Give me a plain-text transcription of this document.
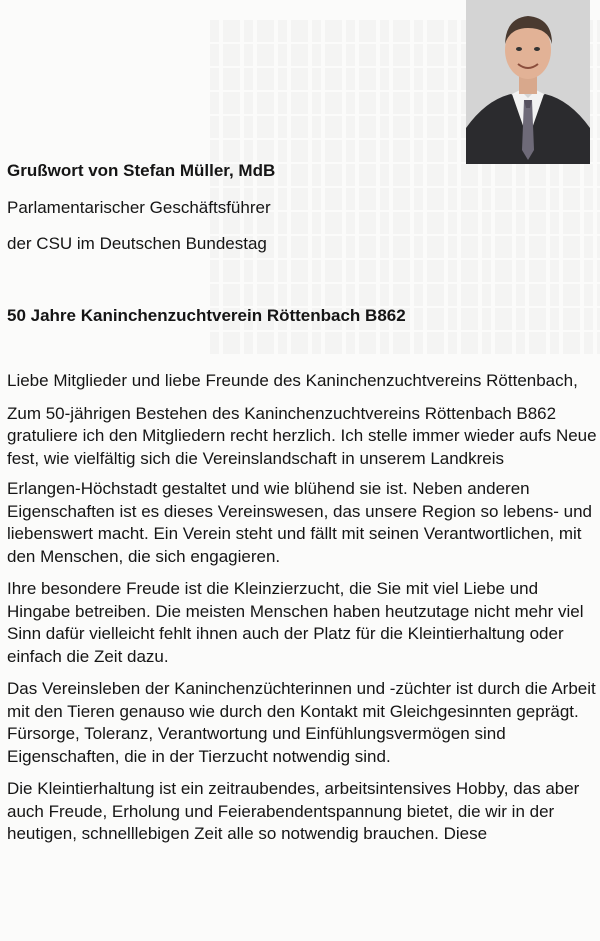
Grußwort von Stefan Müller, MdB

Parlamentarischer Geschäftsführer

der CSU im Deutschen Bundestag

50 Jahre Kaninchenzuchtverein Röttenbach B862

Liebe Mitglieder und liebe Freunde des Kaninchenzuchtvereins Röttenbach,

Zum 50-jährigen Bestehen des Kaninchenzuchtvereins Röttenbach B862 gratuliere ich den Mitgliedern recht herzlich. Ich stelle immer wieder aufs Neue fest, wie vielfältig sich die Vereinslandschaft in unserem Landkreis

Erlangen-Höchstadt gestaltet und wie blühend sie ist. Neben anderen Eigenschaften ist es dieses Vereinswesen, das unsere Region so lebens- und liebenswert macht. Ein Verein steht und fällt mit seinen Verantwortlichen, mit den Menschen, die sich engagieren.

Ihre besondere Freude ist die Kleinzierzucht, die Sie mit viel Liebe und Hingabe betreiben. Die meisten Menschen haben heutzutage nicht mehr viel Sinn dafür vielleicht fehlt ihnen auch der Platz für die Kleintierhaltung oder einfach die Zeit dazu.

Das Vereinsleben der Kaninchenzüchterinnen und -züchter ist durch die Arbeit mit den Tieren genauso wie durch den Kontakt mit Gleichgesinnten geprägt. Fürsorge, Toleranz, Verantwortung und Einfühlungsvermögen sind Eigenschaften, die in der Tierzucht notwendig sind.

Die Kleintierhaltung ist ein zeitraubendes, arbeitsintensives Hobby, das aber auch Freude, Erholung und Feierabendentspannung bietet, die wir in der heutigen, schnelllebigen Zeit alle so notwendig brauchen. Diese
